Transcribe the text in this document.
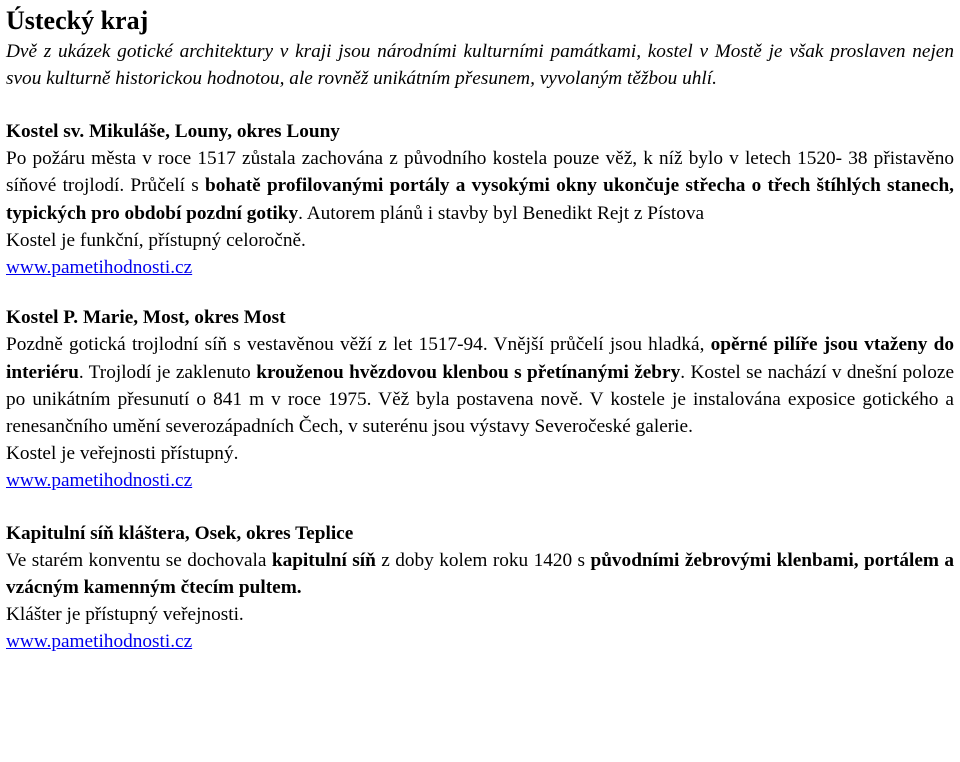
Ústecký kraj

Dvě z ukázek gotické architektury v kraji jsou národními kulturními památkami, kostel v Mostě je však proslaven nejen svou kulturně historickou hodnotou, ale rovněž unikátním přesunem, vyvolaným těžbou uhlí.

Kostel sv. Mikuláše, Louny, okres Louny

Po požáru města v roce 1517 zůstala zachována z původního kostela pouze věž, k níž bylo v letech 1520- 38 přistavěno síňové trojlodí. Průčelí s bohatě profilovanými portály a vysokými okny ukončuje střecha o třech štíhlých stanech, typických pro období pozdní gotiky. Autorem plánů i stavby byl Benedikt Rejt z Pístova

Kostel je funkční, přístupný celoročně.

www.pametihodnosti.cz

Kostel P. Marie, Most, okres Most

Pozdně gotická trojlodní síň s vestavěnou věží z let 1517-94. Vnější průčelí jsou hladká, opěrné pilíře jsou vtaženy do interiéru. Trojlodí je zaklenuto krouženou hvězdovou klenbou s přetínanými žebry. Kostel se nachází v dnešní poloze po unikátním přesunutí o 841 m v roce 1975. Věž byla postavena nově. V kostele je instalována exposice gotického a renesančního umění severozápadních Čech, v suterénu jsou výstavy Severočeské galerie.

Kostel je veřejnosti přístupný.

www.pametihodnosti.cz

Kapitulní síň kláštera, Osek, okres Teplice

Ve starém konventu se dochovala kapitulní síň z doby kolem roku 1420 s původními žebrovými klenbami, portálem a vzácným kamenným čtecím pultem.

Klášter je přístupný veřejnosti.

www.pametihodnosti.cz
